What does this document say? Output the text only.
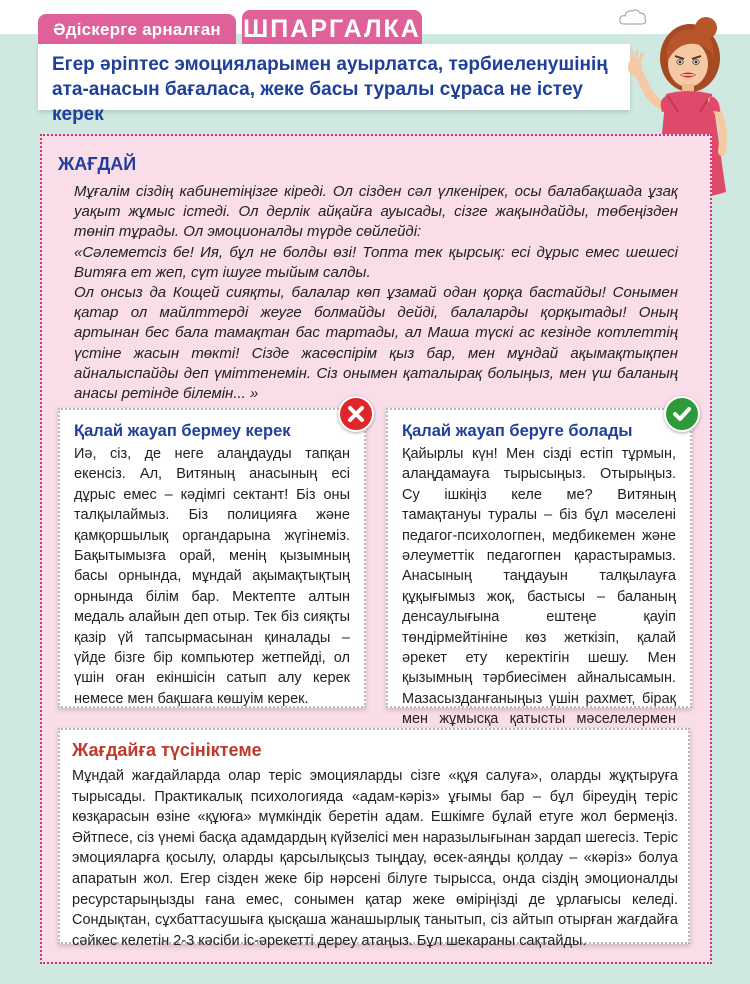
Әдіскерге арналған ШПАРГАЛКА
Егер әріптес эмоцияларымен ауырлатса, тәрбиеленушінің
ата-анасын бағаласа, жеке басы туралы сұраса не істеу керек
ЖАҒДАЙ

Мұғалім сіздің кабинетіңізге кіреді. Ол сізден сәл үлкенірек, осы балабақшада ұзақ уақыт жұмыс істеді. Ол дерлік айқайға ауысады, сізге жақындайды, төбеңізден төніп тұрады. Ол эмоционалды түрде сөйлейді:

«Сәлеметсіз бе! Ия, бұл не болды өзі! Топта тек қырсық: есі дұрыс емес шешесі Витяға ет жеп, сүт ішуге тыйым салды.

Ол онсыз да Кощей сияқты, балалар көп ұзамай одан қорқа бастайды! Сонымен қатар ол майлттерді жеуге болмайды дейді, балаларды қорқытады! Оның артынан бес бала тамақтан бас тартады, ал Маша түскі ас кезінде котлеттің үстіне жасын төкті! Сізде жасөспірім қыз бар, мен мұндай ақымақтықпен айналыспайды деп үміттенемін. Сіз онымен қаталырақ болыңыз, мен үш баланың анасы ретінде білемін... »

Қалай жауап бермеу керек
Иә, сіз, де неге алаңдауды тапқан екенсіз. Ал, Витяның анасының есі дұрыс емес – кәдімгі сектант! Біз оны талқылаймыз. Біз полицияға және қамқоршылық органдарына жүгінеміз. Бақытымызға орай, менің қызымның басы орнында, мұндай ақымақтықтың орнында білім бар. Мектепте алтын медаль алайын деп отыр. Тек біз сияқты қазір үй тапсырмасынан қиналады – үйде бізге бір компьютер жетпейді, ол үшін оған екіншісін сатып алу керек немесе мен бақшаға көшуім керек.
Қалай жауап беруге болады
Қайырлы күн! Мен сізді естіп тұрмын, алаңдамауға тырысыңыз. Отырыңыз. Су ішкіңіз келе ме? Витяның тамақтануы туралы – біз бұл мәселені педагог-психологпен, медбикемен және әлеуметтік педагогпен қарастырамыз. Анасының таңдауын талқылауға құқығымыз жоқ, бастысы – баланың денсаулығына ештеңе қауіп төндірмейтініне көз жеткізіп, қалай әрекет ету керектігін шешу. Мен қызымның тәрбиесімен айналысамын. Мазасызданғаныңыз үшін рахмет, бірақ мен жұмысқа қатысты мәселелермен
Жағдайға түсініктеме
Мұндай жағдайларда олар теріс эмоцияларды сізге «құя салуға», оларды жұқтыруға тырысады. Практикалық психологияда «адам-кәріз» ұғымы бар – бұл біреудің теріс көзқарасын өзіне «құюға» мүмкіндік беретін адам. Ешкімге бұлай етуге жол бермеңіз. Әйтпесе, сіз үнемі басқа адамдардың күйзелісі мен наразылығынан зардап шегесіз. Теріс эмоцияларға қосылу, оларды қарсылықсыз тыңдау, өсек-аяңды қолдау – «кәріз» болуа апаратын жол. Егер сізден жеке бір нәрсені білуге тырысса, онда сіздің эмоционалды ресурстарыңызды ғана емес, сонымен қатар жеке өміріңізді де ұрлағысы келеді. Сондықтан, сұхбаттасушыға қысқаша жанашырлық танытып, сіз айтып отырған жағдайға сәйкес келетін 2-3 кәсіби іс-әрекетті дереу атаңыз. Бұл шекараны сақтайды.
